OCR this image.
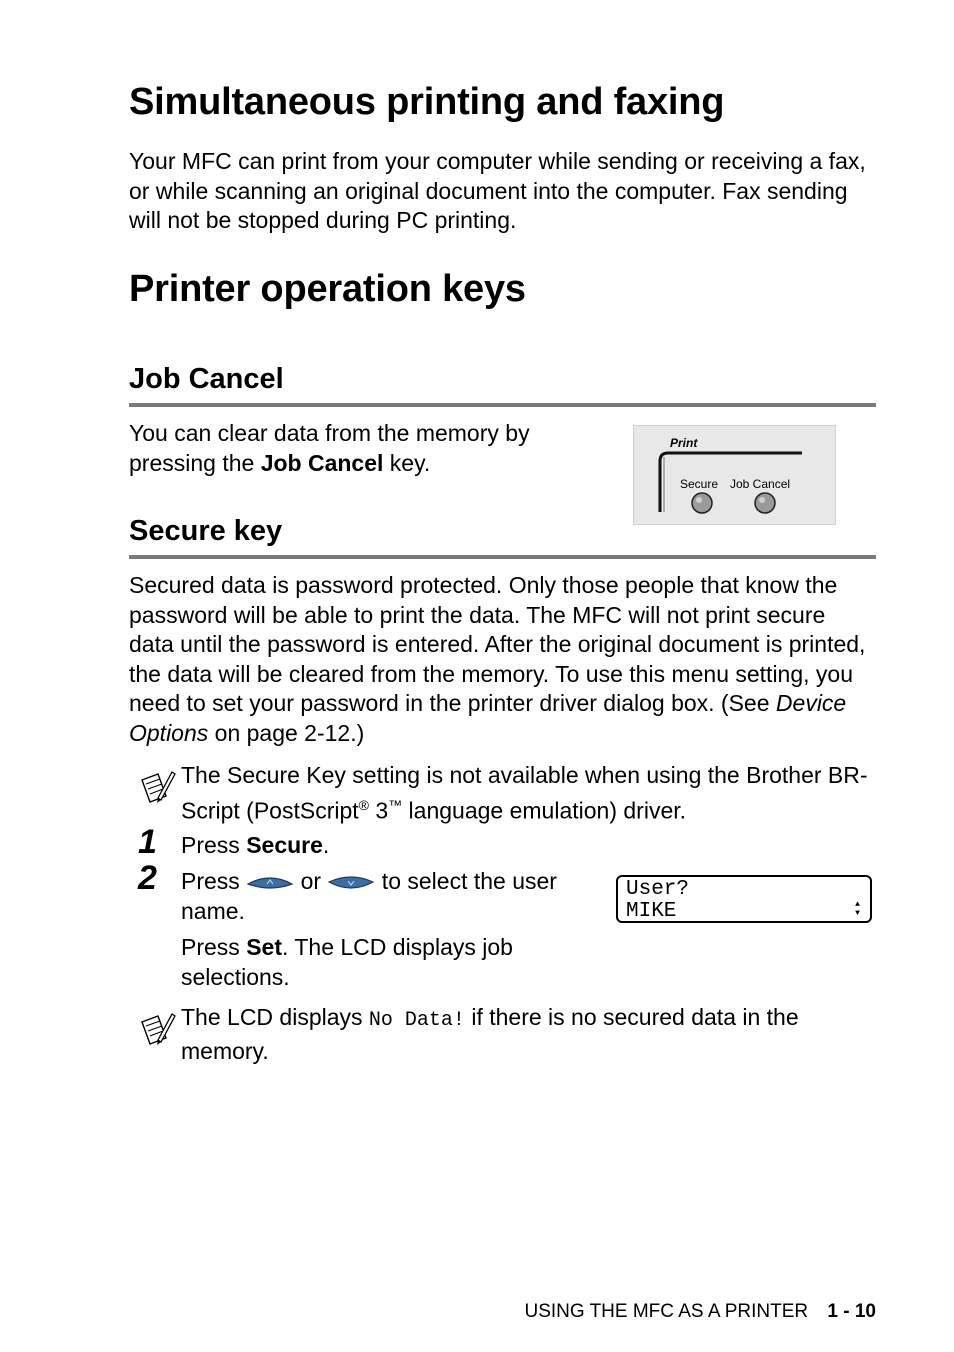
Simultaneous printing and faxing

Your MFC can print from your computer while sending or receiving a fax, or while scanning an original document into the computer. Fax sending will not be stopped during PC printing.

Printer operation keys
Job Cancel

You can clear data from the memory by pressing the Job Cancel key.

Print
Secure Job Cancel
Secure key

Secured data is password protected. Only those people that know the password will be able to print the data. The MFC will not print secure data until the password is entered. After the original document is printed, the data will be cleared from the memory. To use this menu setting, you need to set your password in the printer driver dialog box. (See Device Options on page 2-12.)

The Secure Key setting is not available when using the Brother BR-Script (PostScript® 3™ language emulation) driver.

1 Press Secure.

2 Press  or  to select the user name.

Press Set. The LCD displays job selections.

User?
MIKE	▲▼

The LCD displays No Data! if there is no secured data in the memory.

USING THE MFC AS A PRINTER 1 - 10
